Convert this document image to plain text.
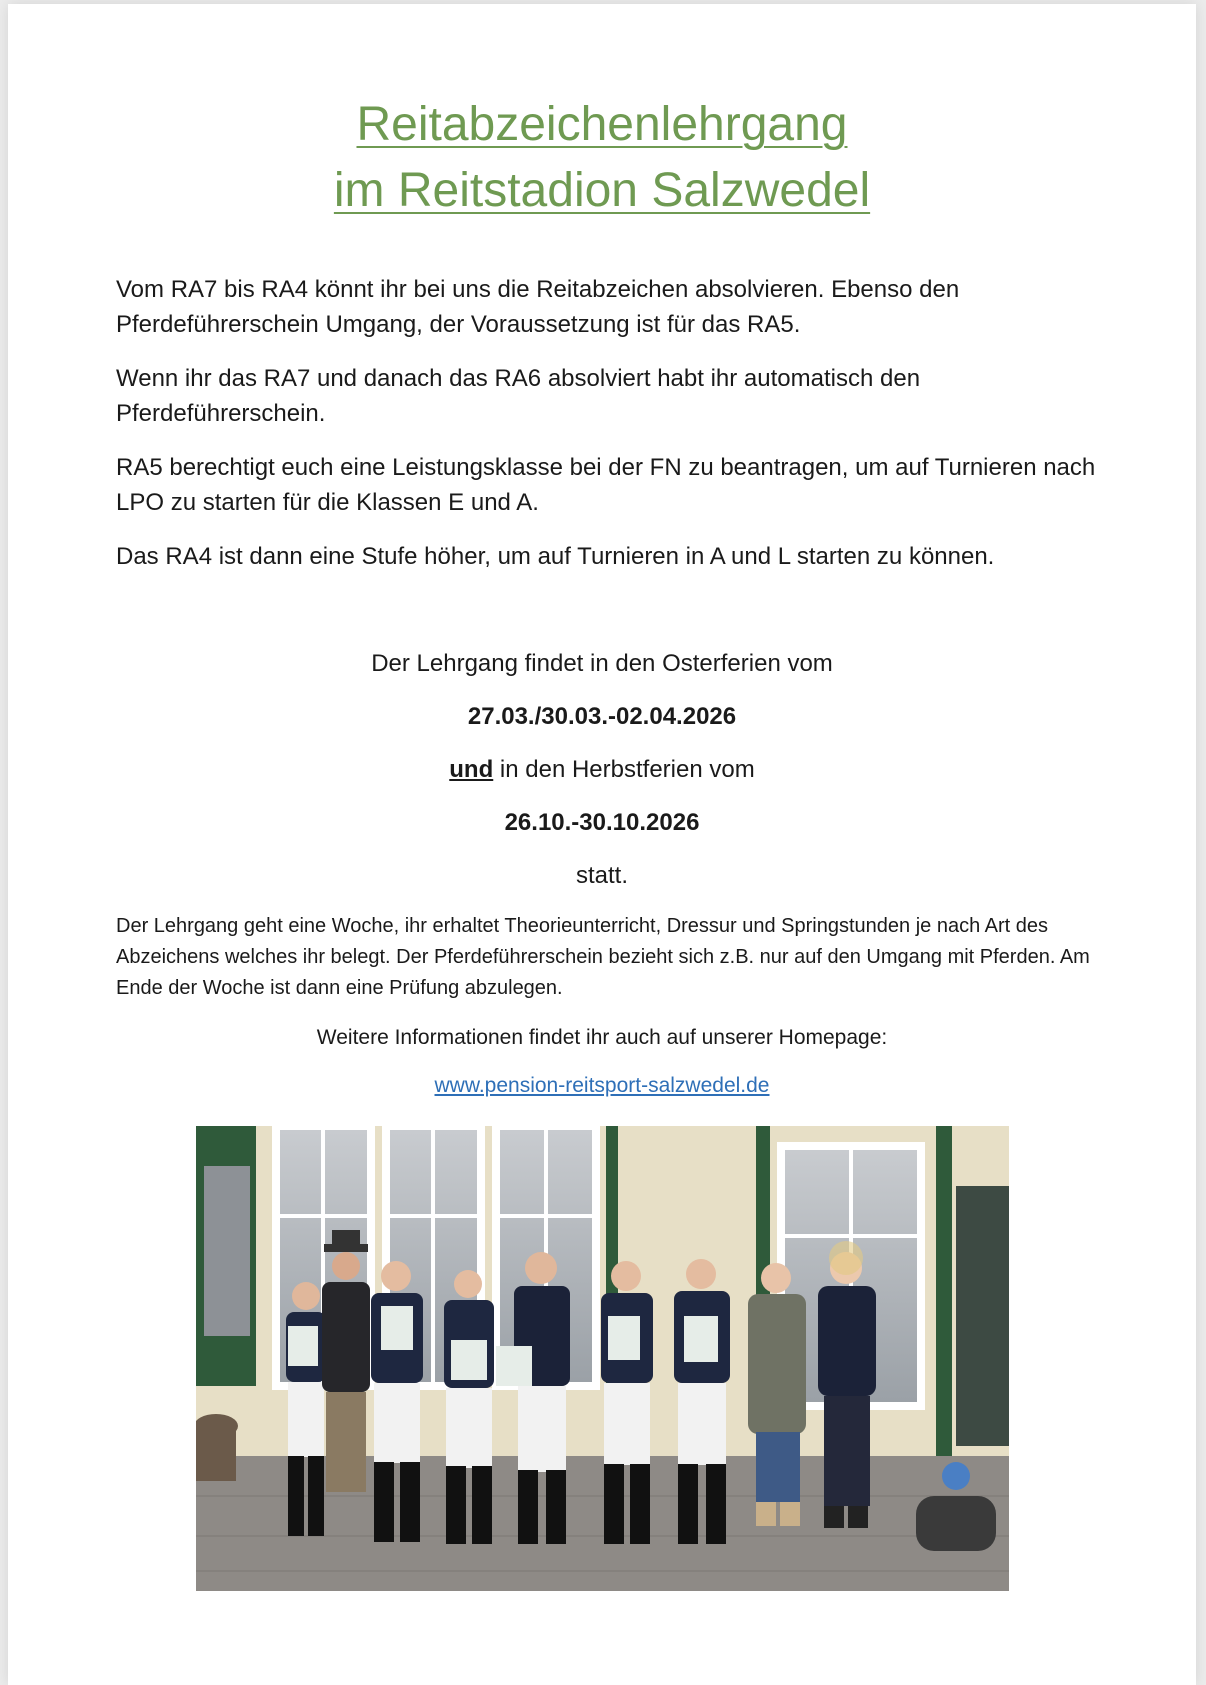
Reitabzeichenlehrgang
im Reitstadion Salzwedel

Vom RA7 bis RA4 könnt ihr bei uns die Reitabzeichen absolvieren. Ebenso den Pferdeführerschein Umgang, der Voraussetzung ist für das RA5.

Wenn ihr das RA7 und danach das RA6 absolviert habt ihr automatisch den Pferdeführerschein.

RA5 berechtigt euch eine Leistungsklasse bei der FN zu beantragen, um auf Turnieren nach LPO zu starten für die Klassen E und A.

Das RA4 ist dann eine Stufe höher, um auf Turnieren in A und L starten zu können.

Der Lehrgang findet in den Osterferien vom

27.03./30.03.-02.04.2026

und in den Herbstferien vom

26.10.-30.10.2026

statt.

Der Lehrgang geht eine Woche, ihr erhaltet Theorieunterricht, Dressur und Springstunden je nach Art des Abzeichens welches ihr belegt. Der Pferdeführerschein bezieht sich z.B. nur auf den Umgang mit Pferden. Am Ende der Woche ist dann eine Prüfung abzulegen.

Weitere Informationen findet ihr auch auf unserer Homepage:

www.pension-reitsport-salzwedel.de
